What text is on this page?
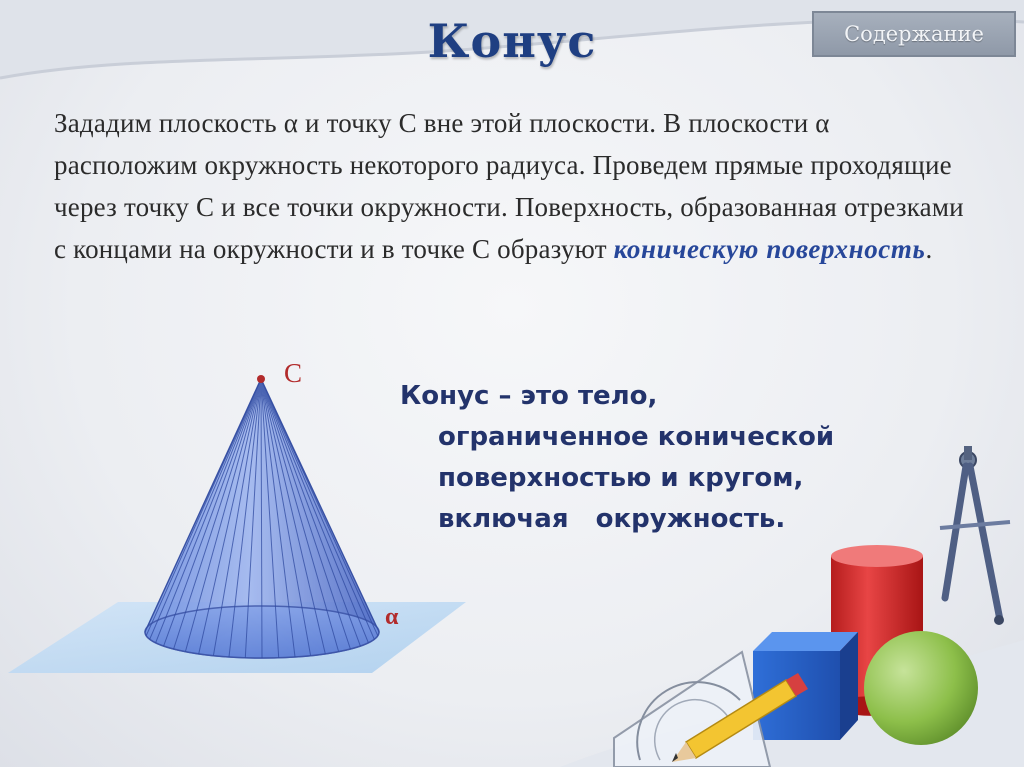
Конус	Содержание
Зададим плоскость α и точку С вне этой плоскости. В плоскости α расположим окружность некоторого радиуса. Проведем прямые проходящие через точку С и все точки окружности. Поверхность, образованная отрезками с концами на окружности и в точке С образуют коническую поверхность.
С
α
Конус – это тело,
ограниченное конической
поверхностью и кругом,
включая   окружность.
